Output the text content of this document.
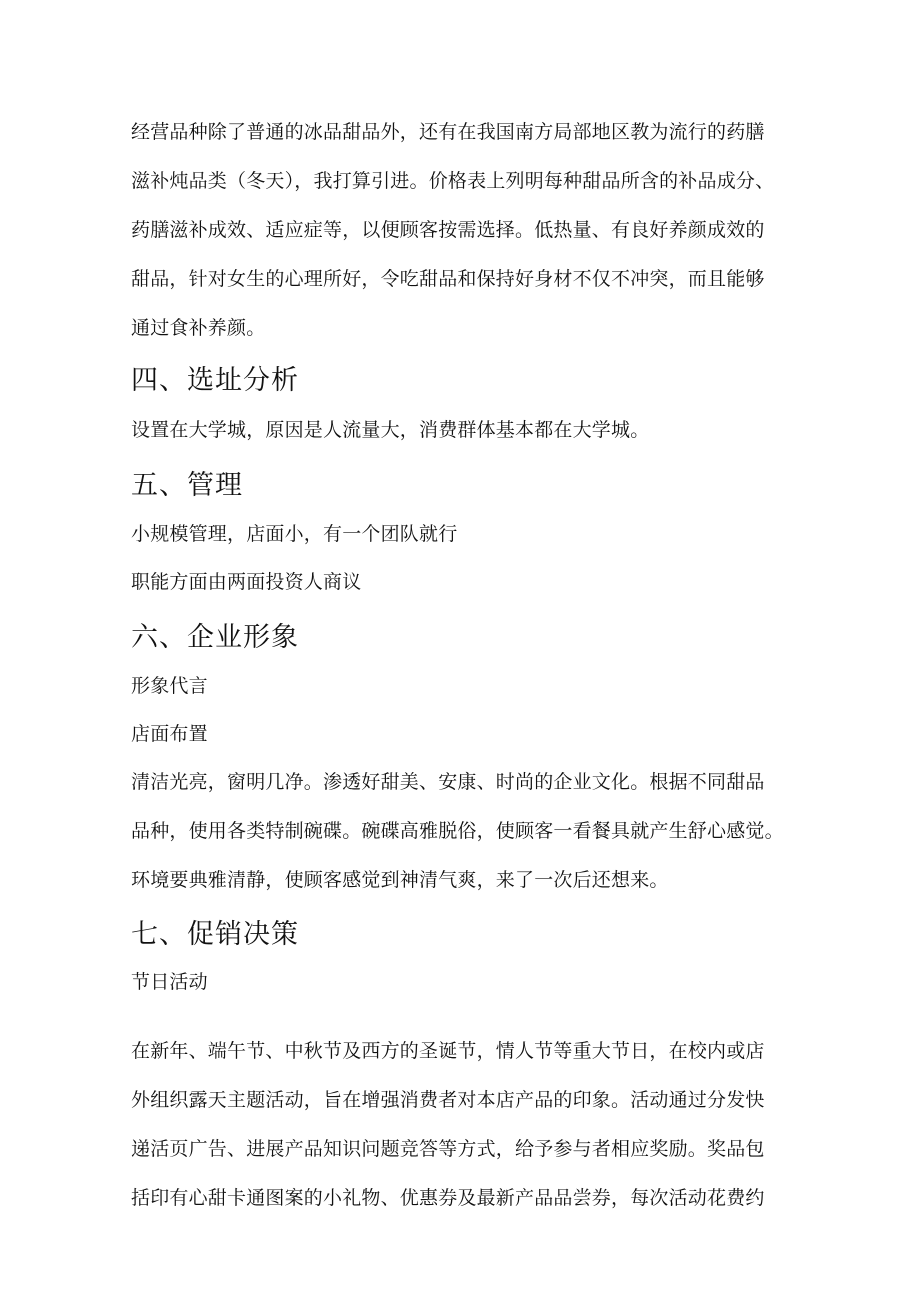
经营品种除了普通的冰品甜品外，还有在我国南方局部地区教为流行的药膳
滋补炖品类（冬天），我打算引进。价格表上列明每种甜品所含的补品成分、
药膳滋补成效、适应症等，以便顾客按需选择。低热量、有良好养颜成效的
甜品，针对女生的心理所好，令吃甜品和保持好身材不仅不冲突，而且能够
通过食补养颜。
四、选址分析
设置在大学城，原因是人流量大，消费群体基本都在大学城。
五、管理
小规模管理，店面小，有一个团队就行
职能方面由两面投资人商议
六、企业形象
形象代言
店面布置
清洁光亮，窗明几净。渗透好甜美、安康、时尚的企业文化。根据不同甜品
品种，使用各类特制碗碟。碗碟高雅脱俗，使顾客一看餐具就产生舒心感觉。
环境要典雅清静，使顾客感觉到神清气爽，来了一次后还想来。
七、促销决策
节日活动
在新年、端午节、中秋节及西方的圣诞节，情人节等重大节日，在校内或店
外组织露天主题活动，旨在增强消费者对本店产品的印象。活动通过分发快
递活页广告、进展产品知识问题竞答等方式，给予参与者相应奖励。奖品包
括印有心甜卡通图案的小礼物、优惠券及最新产品品尝券，每次活动花费约
